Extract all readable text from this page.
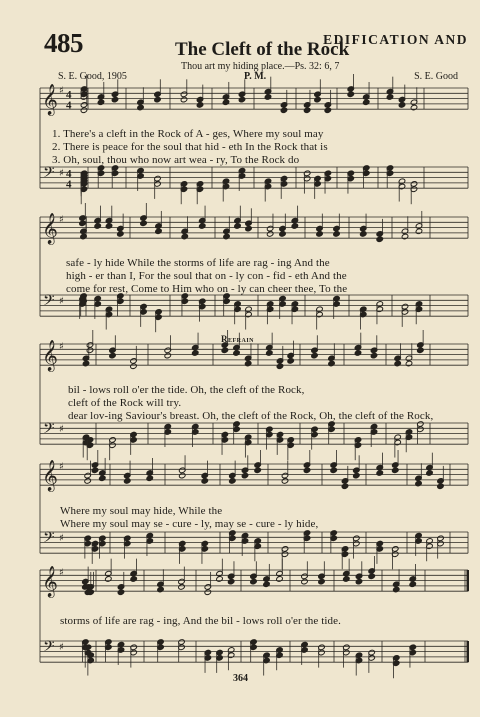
485	EDIFICATION AND
The Cleft of the Rock
Thou art my hiding place.—Ps. 32: 6, 7
S. E. Good, 1905	P. M.	S. E. Good
𝄞
𝄢
♯
♯
4
4
4
4
𝄞
𝄢
♯
♯
𝄞
𝄢
♯
♯
𝄞
𝄢
♯
♯
𝄞
𝄢
♯
♯
Refrain
1. There's a cleft in the Rock of A - ges, Where my soul may
2. There is peace for the soul that hid - eth In the Rock that is
3. Oh, soul, thou who now art wea - ry, To the Rock do
safe - ly hide While the storms of life are rag - ing And the
high - er than I, For the soul that on - ly con - fid - eth And the
come for rest, Come to Him who on - ly can cheer thee, To the
bil - lows roll o'er the tide. Oh, the cleft of the Rock,
cleft of the Rock will try.
dear lov-ing Saviour's breast. Oh, the cleft of the Rock, Oh, the cleft of the Rock,
Where my soul may hide, While the
Where my soul may se - cure - ly, may se - cure - ly hide,
storms of life are rag - ing, And the bil - lows roll o'er the tide.
364
